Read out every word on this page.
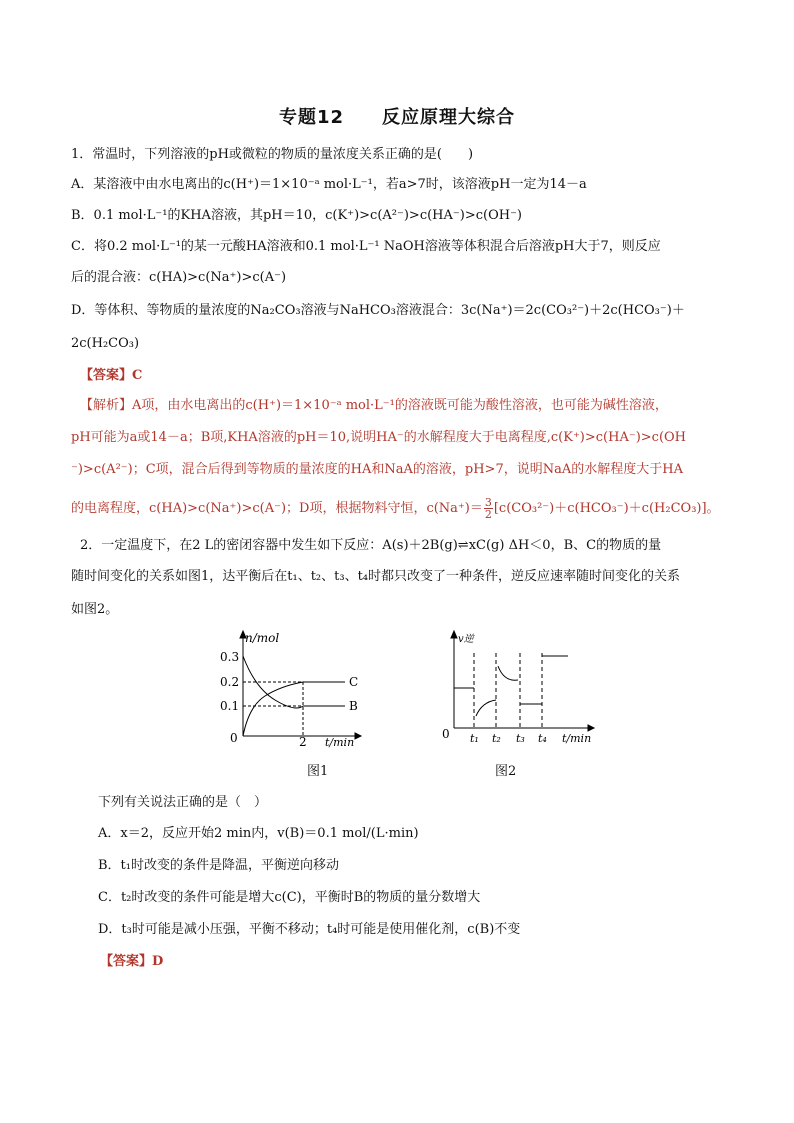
专题12　　反应原理大综合
1．常温时，下列溶液的pH或微粒的物质的量浓度关系正确的是(　　)
A．某溶液中由水电离出的c(H⁺)＝1×10⁻ᵃ mol·L⁻¹，若a>7时，该溶液pH一定为14－a
B．0.1 mol·L⁻¹的KHA溶液，其pH＝10，c(K⁺)>c(A²⁻)>c(HA⁻)>c(OH⁻)
C．将0.2 mol·L⁻¹的某一元酸HA溶液和0.1 mol·L⁻¹ NaOH溶液等体积混合后溶液pH大于7，则反应
后的混合液：c(HA)>c(Na⁺)>c(A⁻)
D．等体积、等物质的量浓度的Na₂CO₃溶液与NaHCO₃溶液混合：3c(Na⁺)＝2c(CO₃²⁻)＋2c(HCO₃⁻)＋
2c(H₂CO₃)
【答案】C
【解析】A项，由水电离出的c(H⁺)＝1×10⁻ᵃ mol·L⁻¹的溶液既可能为酸性溶液，也可能为碱性溶液，
pH可能为a或14－a；B项,KHA溶液的pH＝10,说明HA⁻的水解程度大于电离程度,c(K⁺)>c(HA⁻)>c(OH
⁻)>c(A²⁻)；C项，混合后得到等物质的量浓度的HA和NaA的溶液，pH>7，说明NaA的水解程度大于HA
的电离程度，c(HA)>c(Na⁺)>c(A⁻)；D项，根据物料守恒，$c(Na^+)= \frac{3}{2} [c(CO_3^{2-})+c(HCO_3^-)+c(H_2CO_3)]$。
2．一定温度下，在2 L的密闭容器中发生如下反应：A(s)＋2B(g)⇌xC(g) ΔH＜0，B、C的物质的量
随时间变化的关系如图1，达平衡后在t₁、t₂、t₃、t₄时都只改变了一种条件，逆反应速率随时间变化的关系
如图2。
n/mol
0.3
0.2
0.1
0	2 t/min
C
B
图1
v逆
0 t₁ t₂ t₃ t₄ t/min
图2
下列有关说法正确的是（　）
A．x＝2，反应开始2 min内，v(B)＝0.1 mol/(L·min)
B．t₁时改变的条件是降温，平衡逆向移动
C．t₂时改变的条件可能是增大c(C)，平衡时B的物质的量分数增大
D．t₃时可能是减小压强，平衡不移动；t₄时可能是使用催化剂，c(B)不变
【答案】D
